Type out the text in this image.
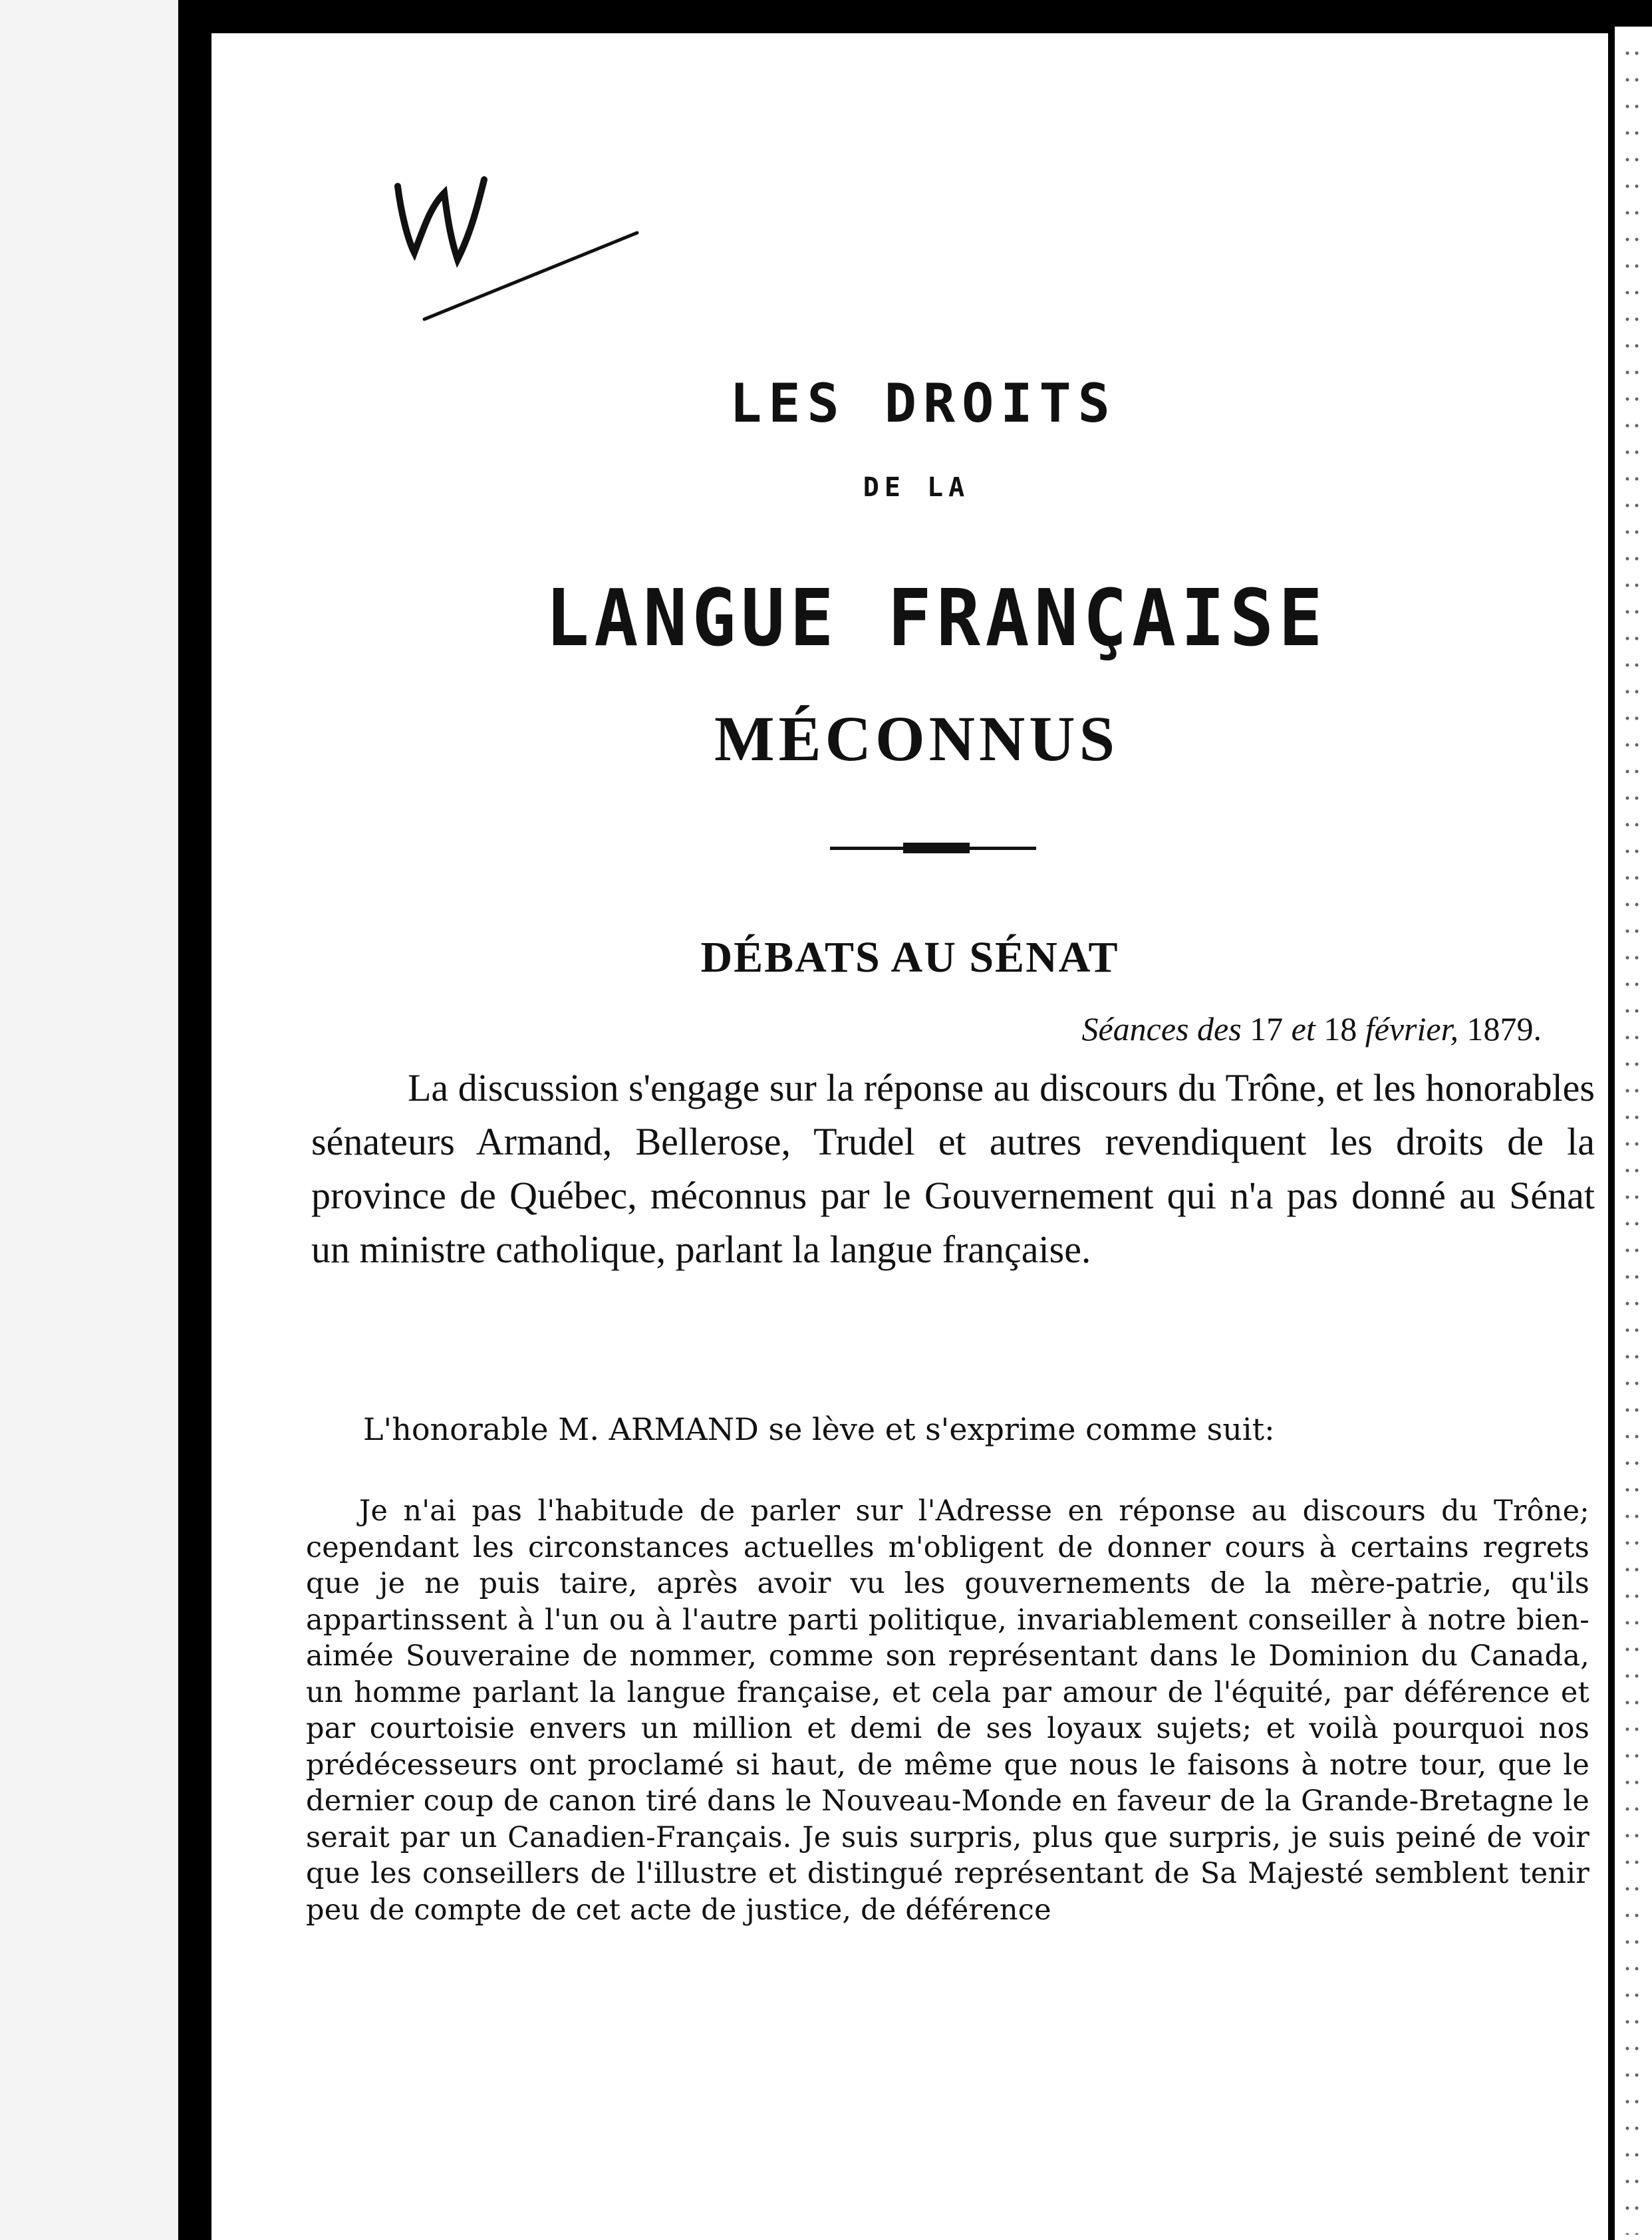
LES DROITS
DE LA
LANGUE FRANÇAISE
MÉCONNUS
DÉBATS AU SÉNAT
Séances des 17 et 18 février, 1879.
La discussion s'engage sur la réponse au discours du Trône, et les honorables sénateurs Armand, Bellerose, Trudel et autres revendiquent les droits de la province de Québec, méconnus par le Gouvernement qui n'a pas donné au Sénat un ministre catholique, parlant la langue française.
L'honorable M. ARMAND se lève et s'exprime comme suit:
Je n'ai pas l'habitude de parler sur l'Adresse en réponse au discours du Trône; cependant les circonstances actuelles m'obligent de donner cours à certains regrets que je ne puis taire, après avoir vu les gouvernements de la mère-patrie, qu'ils appartinssent à l'un ou à l'autre parti politique, invariablement conseiller à notre bien-aimée Souveraine de nommer, comme son représentant dans le Dominion du Canada, un homme parlant la langue française, et cela par amour de l'équité, par déférence et par courtoisie envers un million et demi de ses loyaux sujets; et voilà pourquoi nos prédécesseurs ont proclamé si haut, de même que nous le faisons à notre tour, que le dernier coup de canon tiré dans le Nouveau-Monde en faveur de la Grande-Bretagne le serait par un Canadien-Français. Je suis surpris, plus que surpris, je suis peiné de voir que les conseillers de l'illustre et distingué représentant de Sa Majesté semblent tenir peu de compte de cet acte de justice, de déférence
